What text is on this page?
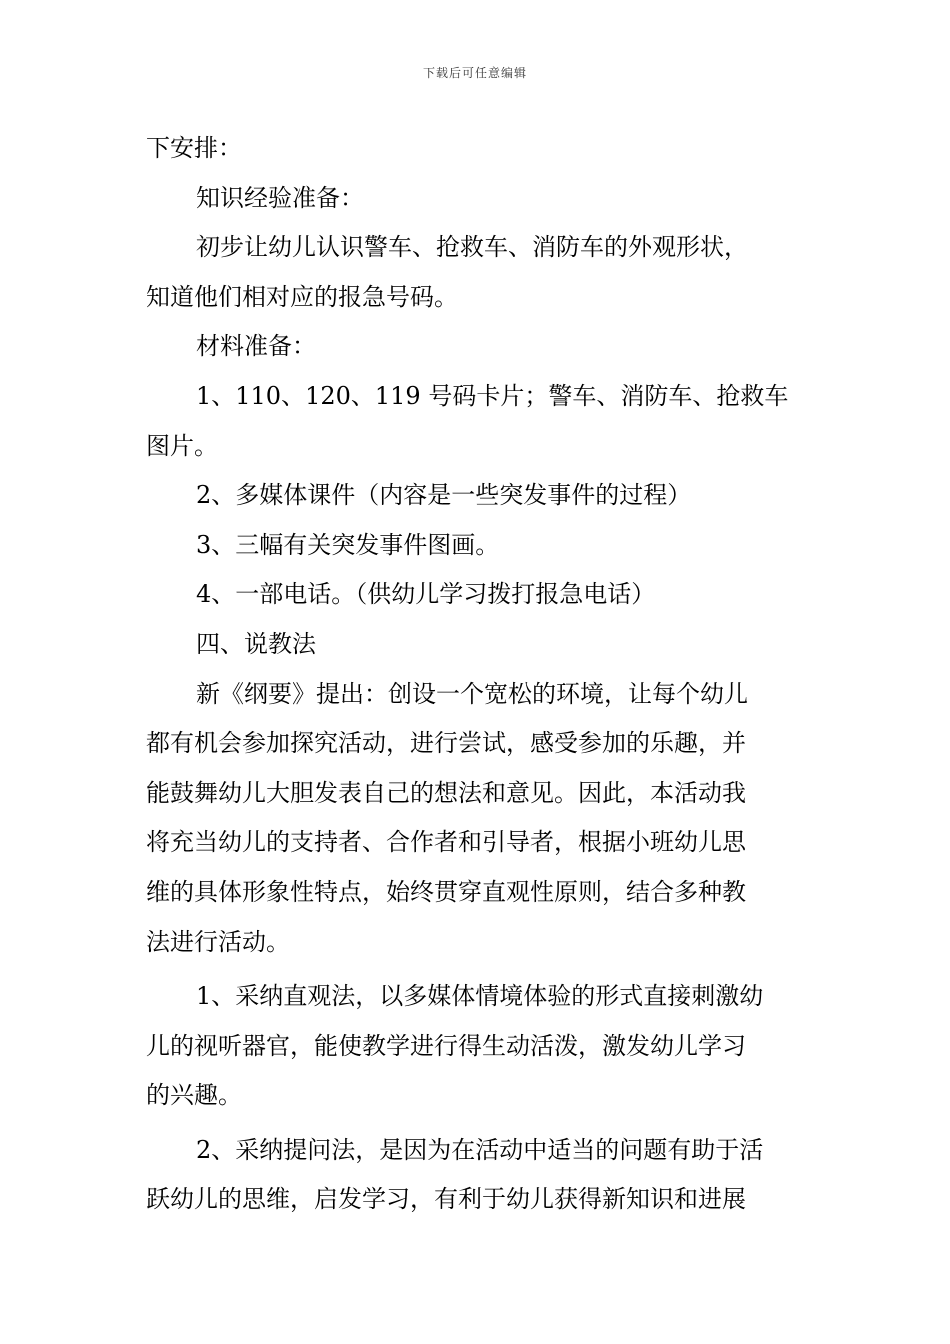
下载后可任意编辑

下安排：

知识经验准备：

初步让幼儿认识警车、抢救车、消防车的外观形状，

知道他们相对应的报急号码。

材料准备：

1、110、120、119 号码卡片；警车、消防车、抢救车

图片。

2、多媒体课件（内容是一些突发事件的过程）

3、三幅有关突发事件图画。

4、一部电话。（供幼儿学习拨打报急电话）

四、说教法

新《纲要》提出：创设一个宽松的环境，让每个幼儿

都有机会参加探究活动，进行尝试，感受参加的乐趣，并

能鼓舞幼儿大胆发表自己的想法和意见。因此，本活动我

将充当幼儿的支持者、合作者和引导者，根据小班幼儿思

维的具体形象性特点，始终贯穿直观性原则，结合多种教

法进行活动。

1、采纳直观法，以多媒体情境体验的形式直接刺激幼

儿的视听器官，能使教学进行得生动活泼，激发幼儿学习

的兴趣。

2、采纳提问法，是因为在活动中适当的问题有助于活

跃幼儿的思维，启发学习，有利于幼儿获得新知识和进展
